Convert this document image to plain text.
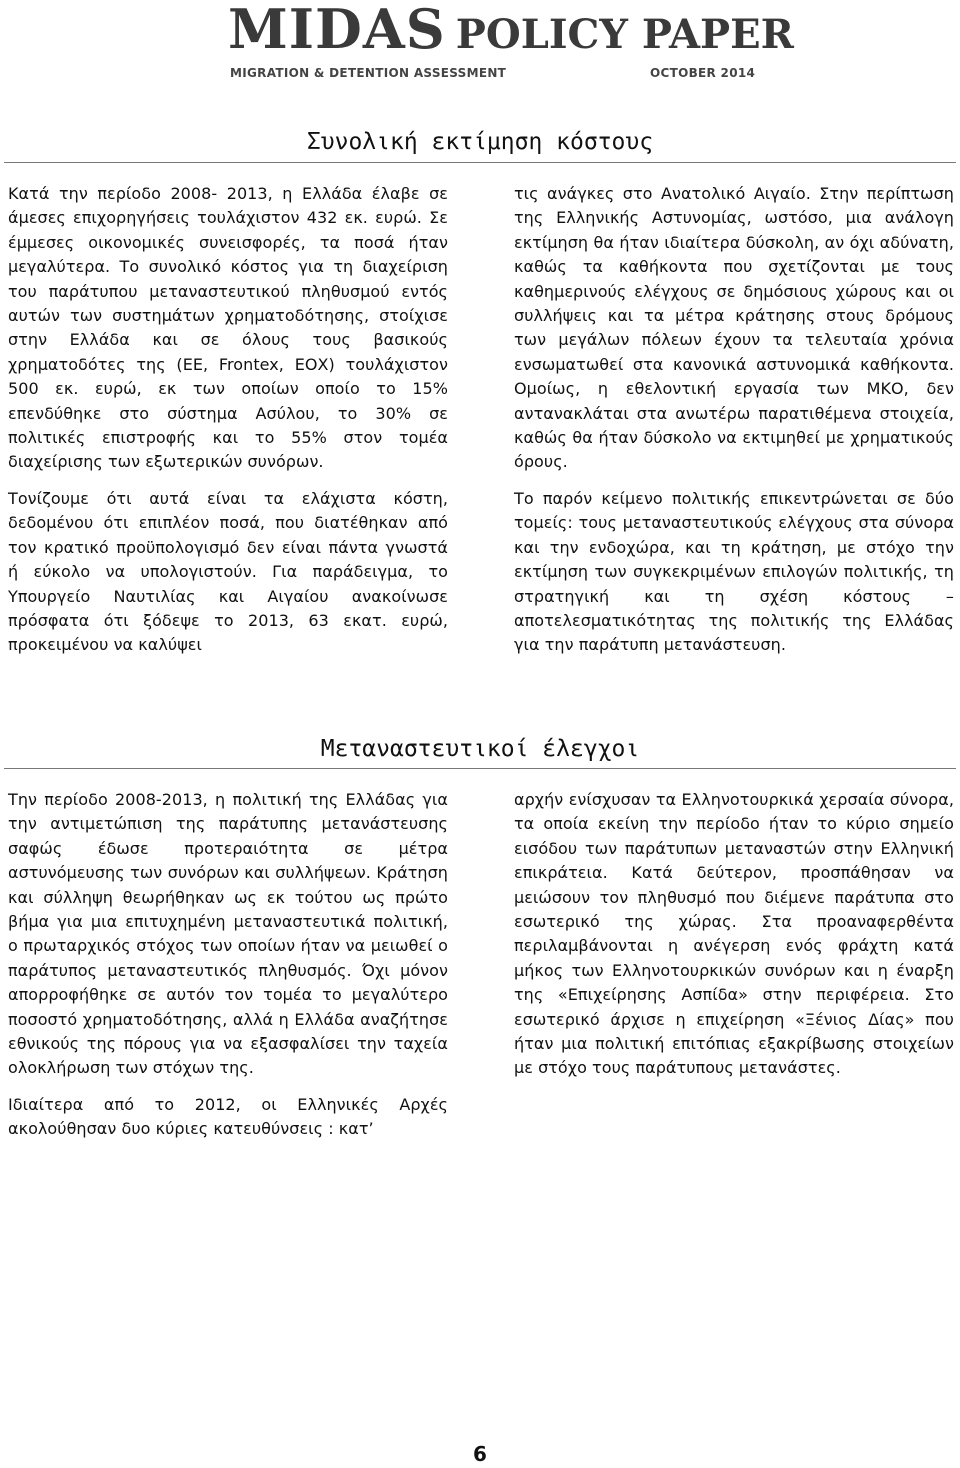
MIDAS POLICY PAPER
MIGRATION & DETENTION ASSESSMENT	OCTOBER 2014
Συνολική εκτίμηση κόστους

Κατά την περίοδο 2008- 2013, η Ελλάδα έλαβε σε άμεσες επιχορηγήσεις τουλάχιστον 432 εκ. ευρώ. Σε έμμεσες οικονομικές συνεισφορές, τα ποσά ήταν μεγαλύτερα. Το συνολικό κόστος για τη διαχείριση του παράτυπου μεταναστευτικού πληθυσμού εντός αυτών των συστημάτων χρηματοδότησης, στοίχισε στην Ελλάδα και σε όλους τους βασικούς χρηματοδότες της (ΕΕ, Frontex, ΕΟΧ) τουλάχιστον 500 εκ. ευρώ, εκ των οποίων οποίο το 15% επενδύθηκε στο σύστημα Ασύλου, το 30% σε πολιτικές επιστροφής και το 55% στον τομέα διαχείρισης των εξωτερικών συνόρων.

Τονίζουμε ότι αυτά είναι τα ελάχιστα κόστη, δεδομένου ότι επιπλέον ποσά, που διατέθηκαν από τον κρατικό προϋπολογισμό δεν είναι πάντα γνωστά ή εύκολο να υπολογιστούν. Για παράδειγμα, το Υπουργείο Ναυτιλίας και Αιγαίου ανακοίνωσε πρόσφατα ότι ξόδεψε το 2013, 63 εκατ. ευρώ, προκειμένου να καλύψει

τις ανάγκες στο Ανατολικό Αιγαίο. Στην περίπτωση της Ελληνικής Αστυνομίας, ωστόσο, μια ανάλογη εκτίμηση θα ήταν ιδιαίτερα δύσκολη, αν όχι αδύνατη, καθώς τα καθήκοντα που σχετίζονται με τους καθημερινούς ελέγχους σε δημόσιους χώρους και οι συλλήψεις και τα μέτρα κράτησης στους δρόμους των μεγάλων πόλεων έχουν τα τελευταία χρόνια ενσωματωθεί στα κανονικά αστυνομικά καθήκοντα. Ομοίως, η εθελοντική εργασία των ΜΚΟ, δεν αντανακλάται στα ανωτέρω παρατιθέμενα στοιχεία, καθώς θα ήταν δύσκολο να εκτιμηθεί με χρηματικούς όρους.

Το παρόν κείμενο πολιτικής επικεντρώνεται σε δύο τομείς: τους μεταναστευτικούς ελέγχους στα σύνορα και την ενδοχώρα, και τη κράτηση, με στόχο την εκτίμηση των συγκεκριμένων επιλογών πολιτικής, τη στρατηγική και τη σχέση κόστους – αποτελεσματικότητας της πολιτικής της Ελλάδας για την παράτυπη μετανάστευση.

Μεταναστευτικοί έλεγχοι

Την περίοδο 2008-2013, η πολιτική της Ελλάδας για την αντιμετώπιση της παράτυπης μετανάστευσης σαφώς έδωσε προτεραιότητα σε μέτρα αστυνόμευσης των συνόρων και συλλήψεων. Κράτηση και σύλληψη θεωρήθηκαν ως εκ τούτου ως πρώτο βήμα για μια επιτυχημένη μεταναστευτικά πολιτική, ο πρωταρχικός στόχος των οποίων ήταν να μειωθεί ο παράτυπος μεταναστευτικός πληθυσμός. Όχι μόνον απορροφήθηκε σε αυτόν τον τομέα το μεγαλύτερο ποσοστό χρηματοδότησης, αλλά η Ελλάδα αναζήτησε εθνικούς της πόρους για να εξασφαλίσει την ταχεία ολοκλήρωση των στόχων της.

Ιδιαίτερα από το 2012, οι Ελληνικές Αρχές ακολούθησαν δυο κύριες κατευθύνσεις : κατ’

αρχήν ενίσχυσαν τα Ελληνοτουρκικά χερσαία σύνορα, τα οποία εκείνη την περίοδο ήταν το κύριο σημείο εισόδου των παράτυπων μεταναστών στην Ελληνική επικράτεια. Κατά δεύτερον, προσπάθησαν να μειώσουν τον πληθυσμό που διέμενε παράτυπα στο εσωτερικό της χώρας. Στα προαναφερθέντα περιλαμβάνονται η ανέγερση ενός φράχτη κατά μήκος των Ελληνοτουρκικών συνόρων και η έναρξη της «Επιχείρησης Ασπίδα» στην περιφέρεια. Στο εσωτερικό άρχισε η επιχείρηση «Ξένιος Δίας» που ήταν μια πολιτική επιτόπιας εξακρίβωσης στοιχείων με στόχο τους παράτυπους μετανάστες.

6
